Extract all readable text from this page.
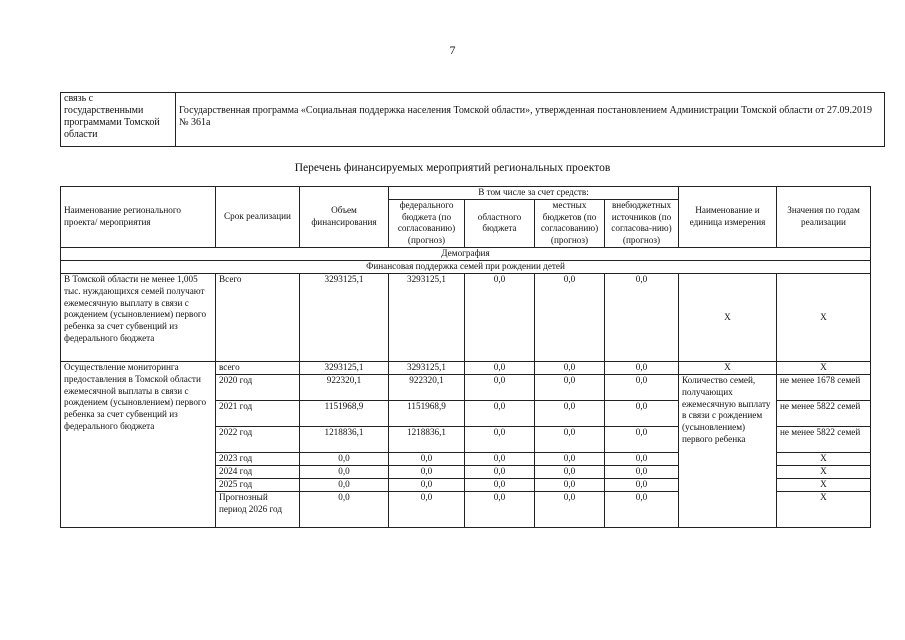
7
связь с государственными программами Томской области	Государственная программа «Социальная поддержка населения Томской области», утвержденная постановлением Администрации Томской области от 27.09.2019 № 361а
Перечень финансируемых мероприятий региональных проектов
Наименование регионального проекта/ мероприятия	Срок реализации	Объем финансирования	В том числе за счет средств:				Наименование и единица измерения	Значения по годам реализации
			федерального бюджета (по согласованию) (прогноз)	областного бюджета	местных бюджетов (по согласованию) (прогноз)	внебюджетных источников (по согласова-нию) (прогноз)		
Демография								
Финансовая поддержка семей при рождении детей								
В Томской области не менее 1,005 тыс. нуждающихся семей получают ежемесячную выплату в связи с рождением (усыновлением) первого ребенка за счет субвенций из федерального бюджета	Всего	3293125,1	3293125,1	0,0	0,0	0,0	Х	Х
Осуществление мониторинга предоставления в Томской области ежемесячной выплаты в связи с рождением (усыновлением) первого ребенка за счет субвенций из федерального бюджета	всего	3293125,1	3293125,1	0,0	0,0	0,0	Х	Х
	2020 год	922320,1	922320,1	0,0	0,0	0,0	Количество семей, получающих ежемесячную выплату в связи с рождением (усыновлением) первого ребенка	не менее 1678 семей
	2021 год	1151968,9	1151968,9	0,0	0,0	0,0		не менее 5822 семей
	2022 год	1218836,1	1218836,1	0,0	0,0	0,0		не менее 5822 семей
	2023 год	0,0	0,0	0,0	0,0	0,0		Х
	2024 год	0,0	0,0	0,0	0,0	0,0		Х
	2025 год	0,0	0,0	0,0	0,0	0,0		Х
	Прогнозный период 2026 год	0,0	0,0	0,0	0,0	0,0		Х
